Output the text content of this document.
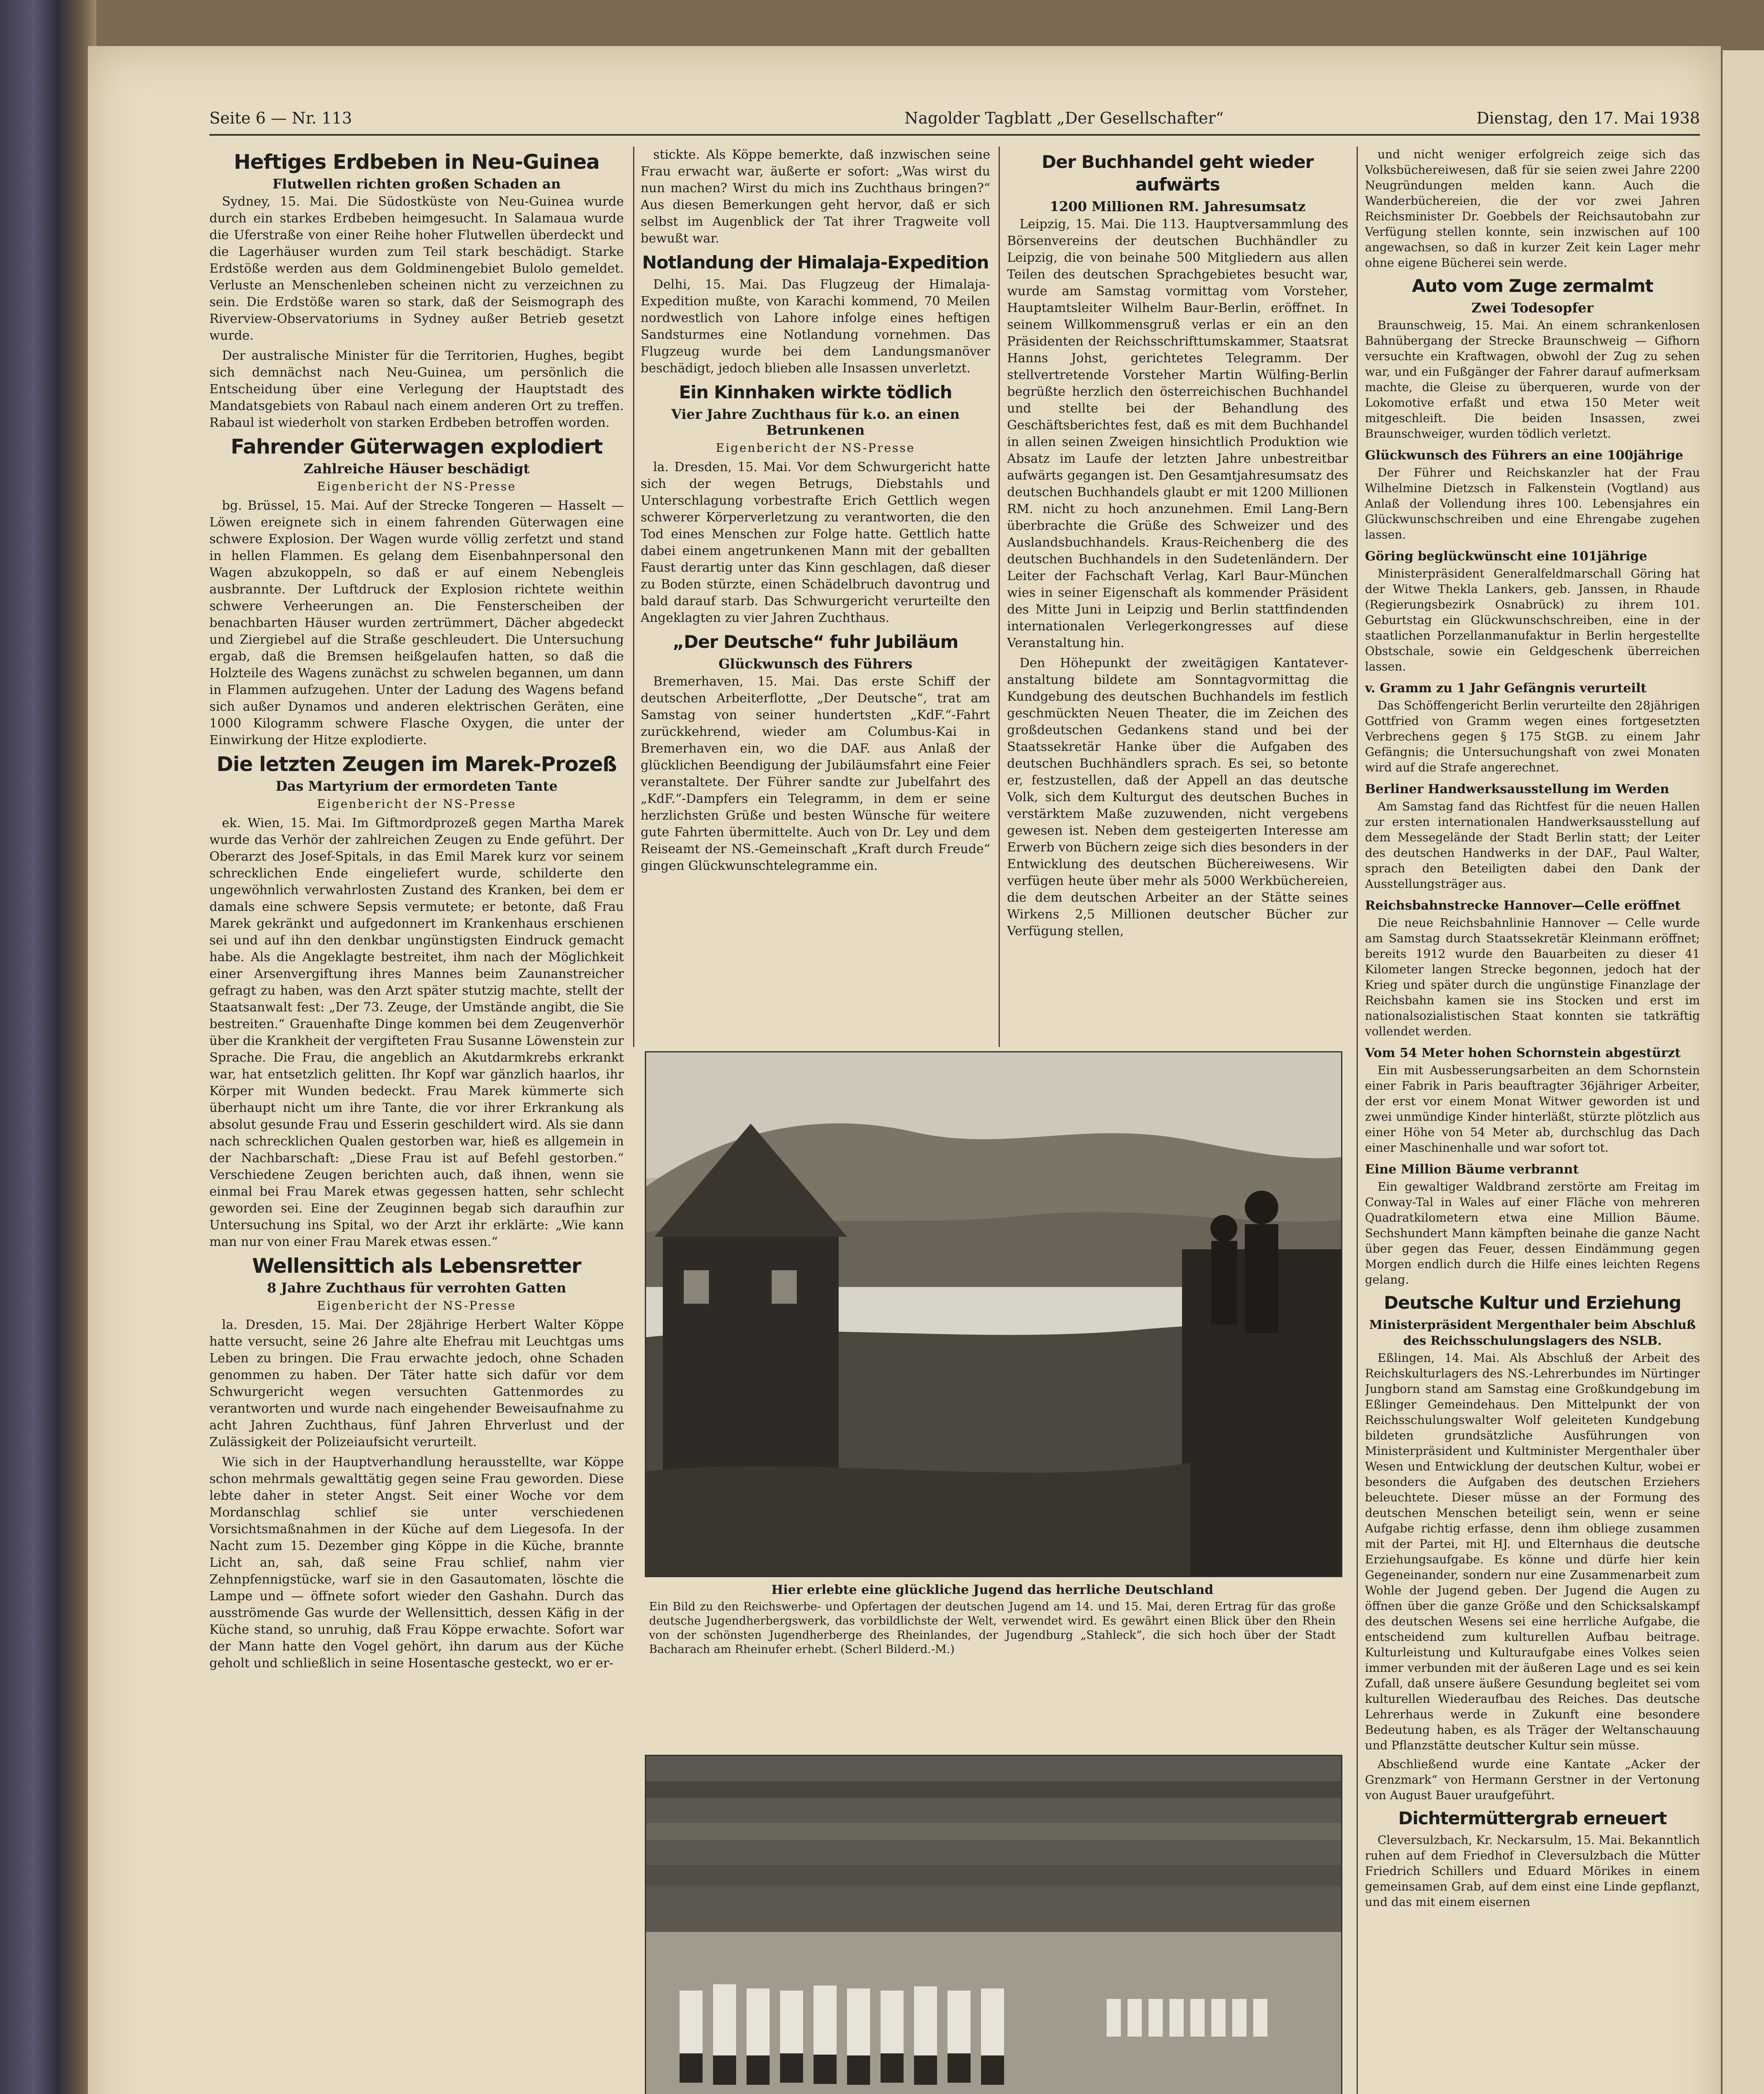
Seite 6 — Nr. 113	Nagolder Tagblatt „Der Gesellschafter“	Dienstag, den 17. Mai 1938
Heftiges Erdbeben in Neu-Guinea
Flutwellen richten großen Schaden an

Sydney, 15. Mai. Die Südostküste von Neu-Guinea wurde durch ein starkes Erdbeben heimgesucht. In Salamaua wurde die Uferstraße von einer Reihe hoher Flutwellen überdeckt und die Lagerhäuser wurden zum Teil stark beschädigt. Starke Erdstöße werden aus dem Goldminengebiet Bulolo gemeldet. Verluste an Menschenleben scheinen nicht zu verzeichnen zu sein. Die Erdstöße waren so stark, daß der Seismograph des Riverview-Observatoriums in Sydney außer Betrieb gesetzt wurde.

Der australische Minister für die Territorien, Hughes, begibt sich demnächst nach Neu-Guinea, um persönlich die Entscheidung über eine Verlegung der Hauptstadt des Mandatsgebiets von Rabaul nach einem anderen Ort zu treffen. Rabaul ist wiederholt von starken Erdbeben betroffen worden.

Fahrender Güterwagen explodiert
Zahlreiche Häuser beschädigt
Eigenbericht der NS-Presse

bg. Brüssel, 15. Mai. Auf der Strecke Tongeren — Hasselt — Löwen ereignete sich in einem fahrenden Güterwagen eine schwere Explosion. Der Wagen wurde völlig zerfetzt und stand in hellen Flammen. Es gelang dem Eisenbahnpersonal den Wagen abzukoppeln, so daß er auf einem Nebengleis ausbrannte. Der Luftdruck der Explosion richtete weithin schwere Verheerungen an. Die Fensterscheiben der benachbarten Häuser wurden zertrümmert, Dächer abgedeckt und Ziergiebel auf die Straße geschleudert. Die Untersuchung ergab, daß die Bremsen heißgelaufen hatten, so daß die Holzteile des Wagens zunächst zu schwelen begannen, um dann in Flammen aufzugehen. Unter der Ladung des Wagens befand sich außer Dynamos und anderen elektrischen Geräten, eine 1000 Kilogramm schwere Flasche Oxygen, die unter der Einwirkung der Hitze explodierte.

Die letzten Zeugen im Marek-Prozeß
Das Martyrium der ermordeten Tante
Eigenbericht der NS-Presse

ek. Wien, 15. Mai. Im Giftmordprozeß gegen Martha Marek wurde das Verhör der zahlreichen Zeugen zu Ende geführt. Der Oberarzt des Josef-Spitals, in das Emil Marek kurz vor seinem schrecklichen Ende eingeliefert wurde, schilderte den ungewöhnlich verwahrlosten Zustand des Kranken, bei dem er damals eine schwere Sepsis vermutete; er betonte, daß Frau Marek gekränkt und aufgedonnert im Krankenhaus erschienen sei und auf ihn den denkbar ungünstigsten Eindruck gemacht habe. Als die Angeklagte bestreitet, ihm nach der Möglichkeit einer Arsenvergiftung ihres Mannes beim Zaunanstreicher gefragt zu haben, was den Arzt später stutzig machte, stellt der Staatsanwalt fest: „Der 73. Zeuge, der Umstände angibt, die Sie bestreiten.“ Grauenhafte Dinge kommen bei dem Zeugenverhör über die Krankheit der vergifteten Frau Susanne Löwenstein zur Sprache. Die Frau, die angeblich an Akutdarmkrebs erkrankt war, hat entsetzlich gelitten. Ihr Kopf war gänzlich haarlos, ihr Körper mit Wunden bedeckt. Frau Marek kümmerte sich überhaupt nicht um ihre Tante, die vor ihrer Erkrankung als absolut gesunde Frau und Esserin geschildert wird. Als sie dann nach schrecklichen Qualen gestorben war, hieß es allgemein in der Nachbarschaft: „Diese Frau ist auf Befehl gestorben.“ Verschiedene Zeugen berichten auch, daß ihnen, wenn sie einmal bei Frau Marek etwas gegessen hatten, sehr schlecht geworden sei. Eine der Zeuginnen begab sich daraufhin zur Untersuchung ins Spital, wo der Arzt ihr erklärte: „Wie kann man nur von einer Frau Marek etwas essen.“

Wellensittich als Lebensretter
8 Jahre Zuchthaus für verrohten Gatten
Eigenbericht der NS-Presse

la. Dresden, 15. Mai. Der 28jährige Herbert Walter Köppe hatte versucht, seine 26 Jahre alte Ehefrau mit Leuchtgas ums Leben zu bringen. Die Frau erwachte jedoch, ohne Schaden genommen zu haben. Der Täter hatte sich dafür vor dem Schwurgericht wegen versuchten Gattenmordes zu verantworten und wurde nach eingehender Beweisaufnahme zu acht Jahren Zuchthaus, fünf Jahren Ehrverlust und der Zulässigkeit der Polizeiaufsicht verurteilt.

Wie sich in der Hauptverhandlung herausstellte, war Köppe schon mehrmals gewalttätig gegen seine Frau geworden. Diese lebte daher in steter Angst. Seit einer Woche vor dem Mordanschlag schlief sie unter verschiedenen Vorsichtsmaßnahmen in der Küche auf dem Liegesofa. In der Nacht zum 15. Dezember ging Köppe in die Küche, brannte Licht an, sah, daß seine Frau schlief, nahm vier Zehnpfennigstücke, warf sie in den Gasautomaten, löschte die Lampe und — öffnete sofort wieder den Gashahn. Durch das ausströmende Gas wurde der Wellensittich, dessen Käfig in der Küche stand, so unruhig, daß Frau Köppe erwachte. Sofort war der Mann hatte den Vogel gehört, ihn darum aus der Küche geholt und schließlich in seine Hosentasche gesteckt, wo er er-

stickte. Als Köppe bemerkte, daß inzwischen seine Frau erwacht war, äußerte er sofort: „Was wirst du nun machen? Wirst du mich ins Zuchthaus bringen?“ Aus diesen Bemerkungen geht hervor, daß er sich selbst im Augenblick der Tat ihrer Tragweite voll bewußt war.

Notlandung der Himalaja-Expedition

Delhi, 15. Mai. Das Flugzeug der Himalaja-Expedition mußte, von Karachi kommend, 70 Meilen nordwestlich von Lahore infolge eines heftigen Sandsturmes eine Notlandung vornehmen. Das Flugzeug wurde bei dem Landungsmanöver beschädigt, jedoch blieben alle Insassen unverletzt.

Ein Kinnhaken wirkte tödlich
Vier Jahre Zuchthaus für k.o. an einen Betrunkenen
Eigenbericht der NS-Presse

la. Dresden, 15. Mai. Vor dem Schwurgericht hatte sich der wegen Betrugs, Diebstahls und Unterschlagung vorbestrafte Erich Gettlich wegen schwerer Körperverletzung zu verantworten, die den Tod eines Menschen zur Folge hatte. Gettlich hatte dabei einem angetrunkenen Mann mit der geballten Faust derartig unter das Kinn geschlagen, daß dieser zu Boden stürzte, einen Schädelbruch davontrug und bald darauf starb. Das Schwurgericht verurteilte den Angeklagten zu vier Jahren Zuchthaus.

„Der Deutsche“ fuhr Jubiläum
Glückwunsch des Führers

Bremerhaven, 15. Mai. Das erste Schiff der deutschen Arbeiterflotte, „Der Deutsche“, trat am Samstag von seiner hundertsten „KdF.“-Fahrt zurückkehrend, wieder am Columbus-Kai in Bremerhaven ein, wo die DAF. aus Anlaß der glücklichen Beendigung der Jubiläumsfahrt eine Feier veranstaltete. Der Führer sandte zur Jubelfahrt des „KdF.“-Dampfers ein Telegramm, in dem er seine herzlichsten Grüße und besten Wünsche für weitere gute Fahrten übermittelte. Auch von Dr. Ley und dem Reiseamt der NS.-Gemeinschaft „Kraft durch Freude“ gingen Glückwunschtelegramme ein.

Der Buchhandel geht wieder aufwärts
1200 Millionen RM. Jahresumsatz

Leipzig, 15. Mai. Die 113. Hauptversammlung des Börsenvereins der deutschen Buchhändler zu Leipzig, die von beinahe 500 Mitgliedern aus allen Teilen des deutschen Sprachgebietes besucht war, wurde am Samstag vormittag vom Vorsteher, Hauptamtsleiter Wilhelm Baur-Berlin, eröffnet. In seinem Willkommensgruß verlas er ein an den Präsidenten der Reichsschrifttumskammer, Staatsrat Hanns Johst, gerichtetes Telegramm. Der stellvertretende Vorsteher Martin Wülfing-Berlin begrüßte herzlich den österreichischen Buchhandel und stellte bei der Behandlung des Geschäftsberichtes fest, daß es mit dem Buchhandel in allen seinen Zweigen hinsichtlich Produktion wie Absatz im Laufe der letzten Jahre unbestreitbar aufwärts gegangen ist. Den Gesamtjahresumsatz des deutschen Buchhandels glaubt er mit 1200 Millionen RM. nicht zu hoch anzunehmen. Emil Lang-Bern überbrachte die Grüße des Schweizer und des Auslandsbuchhandels. Kraus-Reichenberg die des deutschen Buchhandels in den Sudetenländern. Der Leiter der Fachschaft Verlag, Karl Baur-München wies in seiner Eigenschaft als kommender Präsident des Mitte Juni in Leipzig und Berlin stattfindenden internationalen Verlegerkongresses auf diese Veranstaltung hin.

Den Höhepunkt der zweitägigen Kantateveranstaltung bildete am Sonntagvormittag die Kundgebung des deutschen Buchhandels im festlich geschmückten Neuen Theater, die im Zeichen des großdeutschen Gedankens stand und bei der Staatssekretär Hanke über die Aufgaben des deutschen Buchhändlers sprach. Es sei, so betonte er, festzustellen, daß der Appell an das deutsche Volk, sich dem Kulturgut des deutschen Buches in verstärktem Maße zuzuwenden, nicht vergebens gewesen ist. Neben dem gesteigerten Interesse am Erwerb von Büchern zeige sich dies besonders in der Entwicklung des deutschen Büchereiwesens. Wir verfügen heute über mehr als 5000 Werkbüchereien, die dem deutschen Arbeiter an der Stätte seines Wirkens 2,5 Millionen deutscher Bücher zur Verfügung stellen,

und nicht weniger erfolgreich zeige sich das Volksbüchereiwesen, daß für sie seien zwei Jahre 2200 Neugründungen melden kann. Auch die Wanderbüchereien, die der vor zwei Jahren Reichsminister Dr. Goebbels der Reichsautobahn zur Verfügung stellen konnte, sein inzwischen auf 100 angewachsen, so daß in kurzer Zeit kein Lager mehr ohne eigene Bücherei sein werde.

Auto vom Zuge zermalmt
Zwei Todesopfer

Braunschweig, 15. Mai. An einem schrankenlosen Bahnübergang der Strecke Braunschweig — Gifhorn versuchte ein Kraftwagen, obwohl der Zug zu sehen war, und ein Fußgänger der Fahrer darauf aufmerksam machte, die Gleise zu überqueren, wurde von der Lokomotive erfaßt und etwa 150 Meter weit mitgeschleift. Die beiden Insassen, zwei Braunschweiger, wurden tödlich verletzt.

Glückwunsch des Führers an eine 100jährige

Der Führer und Reichskanzler hat der Frau Wilhelmine Dietzsch in Falkenstein (Vogtland) aus Anlaß der Vollendung ihres 100. Lebensjahres ein Glückwunschschreiben und eine Ehrengabe zugehen lassen.

Göring beglückwünscht eine 101jährige

Ministerpräsident Generalfeldmarschall Göring hat der Witwe Thekla Lankers, geb. Janssen, in Rhaude (Regierungsbezirk Osnabrück) zu ihrem 101. Geburtstag ein Glückwunschschreiben, eine in der staatlichen Porzellanmanufaktur in Berlin hergestellte Obstschale, sowie ein Geldgeschenk überreichen lassen.

v. Gramm zu 1 Jahr Gefängnis verurteilt

Das Schöffengericht Berlin verurteilte den 28jährigen Gottfried von Gramm wegen eines fortgesetzten Verbrechens gegen § 175 StGB. zu einem Jahr Gefängnis; die Untersuchungshaft von zwei Monaten wird auf die Strafe angerechnet.

Berliner Handwerksausstellung im Werden

Am Samstag fand das Richtfest für die neuen Hallen zur ersten internationalen Handwerksausstellung auf dem Messegelände der Stadt Berlin statt; der Leiter des deutschen Handwerks in der DAF., Paul Walter, sprach den Beteiligten dabei den Dank der Ausstellungsträger aus.

Reichsbahnstrecke Hannover—Celle eröffnet

Die neue Reichsbahnlinie Hannover — Celle wurde am Samstag durch Staatssekretär Kleinmann eröffnet; bereits 1912 wurde den Bauarbeiten zu dieser 41 Kilometer langen Strecke begonnen, jedoch hat der Krieg und später durch die ungünstige Finanzlage der Reichsbahn kamen sie ins Stocken und erst im nationalsozialistischen Staat konnten sie tatkräftig vollendet werden.

Vom 54 Meter hohen Schornstein abgestürzt

Ein mit Ausbesserungsarbeiten an dem Schornstein einer Fabrik in Paris beauftragter 36jähriger Arbeiter, der erst vor einem Monat Witwer geworden ist und zwei unmündige Kinder hinterläßt, stürzte plötzlich aus einer Höhe von 54 Meter ab, durchschlug das Dach einer Maschinenhalle und war sofort tot.

Eine Million Bäume verbrannt

Ein gewaltiger Waldbrand zerstörte am Freitag im Conway-Tal in Wales auf einer Fläche von mehreren Quadratkilometern etwa eine Million Bäume. Sechshundert Mann kämpften beinahe die ganze Nacht über gegen das Feuer, dessen Eindämmung gegen Morgen endlich durch die Hilfe eines leichten Regens gelang.

Deutsche Kultur und Erziehung
Ministerpräsident Mergenthaler beim Abschluß des Reichsschulungslagers des NSLB.

Eßlingen, 14. Mai. Als Abschluß der Arbeit des Reichskulturlagers des NS.-Lehrerbundes im Nürtinger Jungborn stand am Samstag eine Großkundgebung im Eßlinger Gemeindehaus. Den Mittelpunkt der von Reichsschulungswalter Wolf geleiteten Kundgebung bildeten grundsätzliche Ausführungen von Ministerpräsident und Kultminister Mergenthaler über Wesen und Entwicklung der deutschen Kultur, wobei er besonders die Aufgaben des deutschen Erziehers beleuchtete. Dieser müsse an der Formung des deutschen Menschen beteiligt sein, wenn er seine Aufgabe richtig erfasse, denn ihm obliege zusammen mit der Partei, mit HJ. und Elternhaus die deutsche Erziehungsaufgabe. Es könne und dürfe hier kein Gegeneinander, sondern nur eine Zusammenarbeit zum Wohle der Jugend geben. Der Jugend die Augen zu öffnen über die ganze Größe und den Schicksalskampf des deutschen Wesens sei eine herrliche Aufgabe, die entscheidend zum kulturellen Aufbau beitrage. Kulturleistung und Kulturaufgabe eines Volkes seien immer verbunden mit der äußeren Lage und es sei kein Zufall, daß unsere äußere Gesundung begleitet sei vom kulturellen Wiederaufbau des Reiches. Das deutsche Lehrerhaus werde in Zukunft eine besondere Bedeutung haben, es als Träger der Weltanschauung und Pflanzstätte deutscher Kultur sein müsse.

Abschließend wurde eine Kantate „Acker der Grenzmark“ von Hermann Gerstner in der Vertonung von August Bauer uraufgeführt.

Dichtermüttergrab erneuert

Cleversulzbach, Kr. Neckarsulm, 15. Mai. Bekanntlich ruhen auf dem Friedhof in Cleversulzbach die Mütter Friedrich Schillers und Eduard Mörikes in einem gemeinsamen Grab, auf dem einst eine Linde gepflanzt, und das mit einem eisernen

Hier erlebte eine glückliche Jugend das herrliche Deutschland
Ein Bild zu den Reichswerbe- und Opfertagen der deutschen Jugend am 14. und 15. Mai, deren Ertrag für das große deutsche Jugendherbergswerk, das vorbildlichste der Welt, verwendet wird. Es gewährt einen Blick über den Rhein von der schönsten Jugendherberge des Rheinlandes, der Jugendburg „Stahleck“, die sich hoch über der Stadt Bacharach am Rheinufer erhebt. (Scherl Bilderd.-M.)
